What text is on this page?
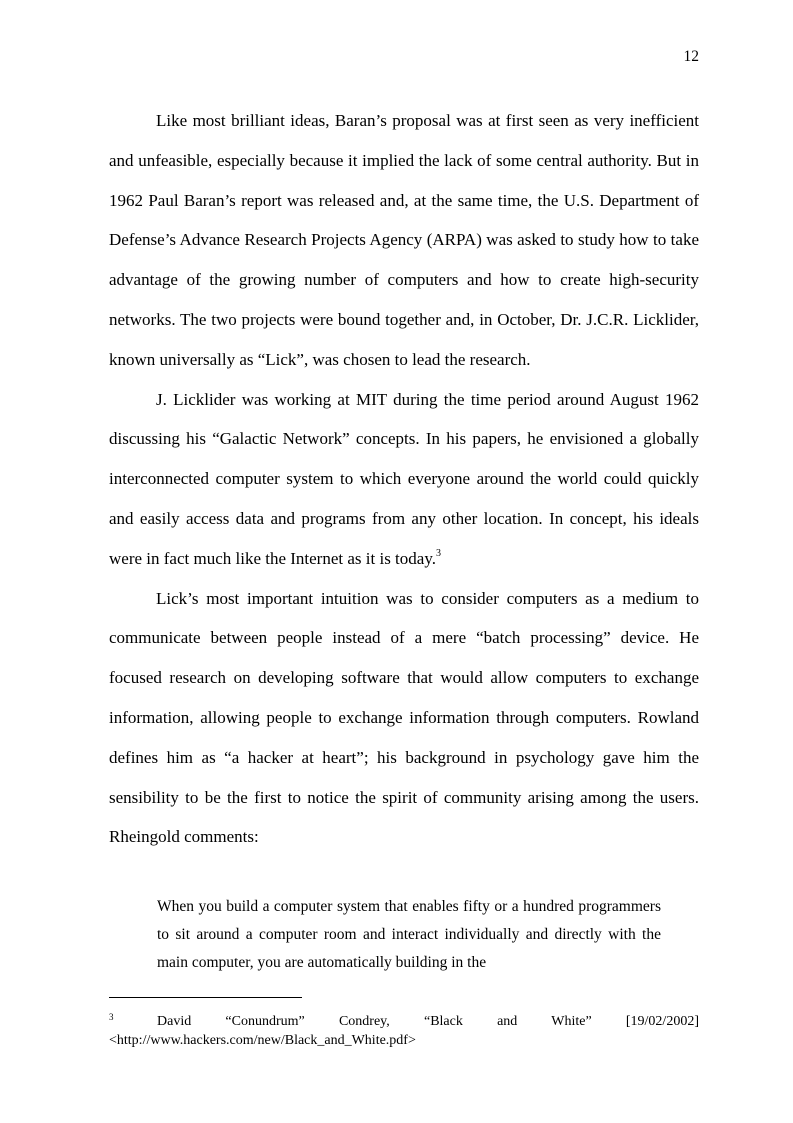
12

Like most brilliant ideas, Baran’s proposal was at first seen as very inefficient and unfeasible, especially because it implied the lack of some central authority. But in 1962 Paul Baran’s report was released and, at the same time, the U.S. Department of Defense’s Advance Research Projects Agency (ARPA) was asked to study how to take advantage of the growing number of computers and how to create high-security networks. The two projects were bound together and, in October, Dr. J.C.R. Licklider, known universally as “Lick”, was chosen to lead the research.

J. Licklider was working at MIT during the time period around August 1962 discussing his “Galactic Network” concepts. In his papers, he envisioned a globally interconnected computer system to which everyone around the world could quickly and easily access data and programs from any other location. In concept, his ideals were in fact much like the Internet as it is today.$^3$

Lick’s most important intuition was to consider computers as a medium to communicate between people instead of a mere “batch processing” device. He focused research on developing software that would allow computers to exchange information, allowing people to exchange information through computers. Rowland defines him as “a hacker at heart”; his background in psychology gave him the sensibility to be the first to notice the spirit of community arising among the users. Rheingold comments:

When you build a computer system that enables fifty or a hundred programmers to sit around a computer room and interact individually and directly with the main computer, you are automatically building in the

3	David “Conundrum” Condrey, “Black and White” [19/02/2002]
<http://www.hackers.com/new/Black_and_White.pdf>
